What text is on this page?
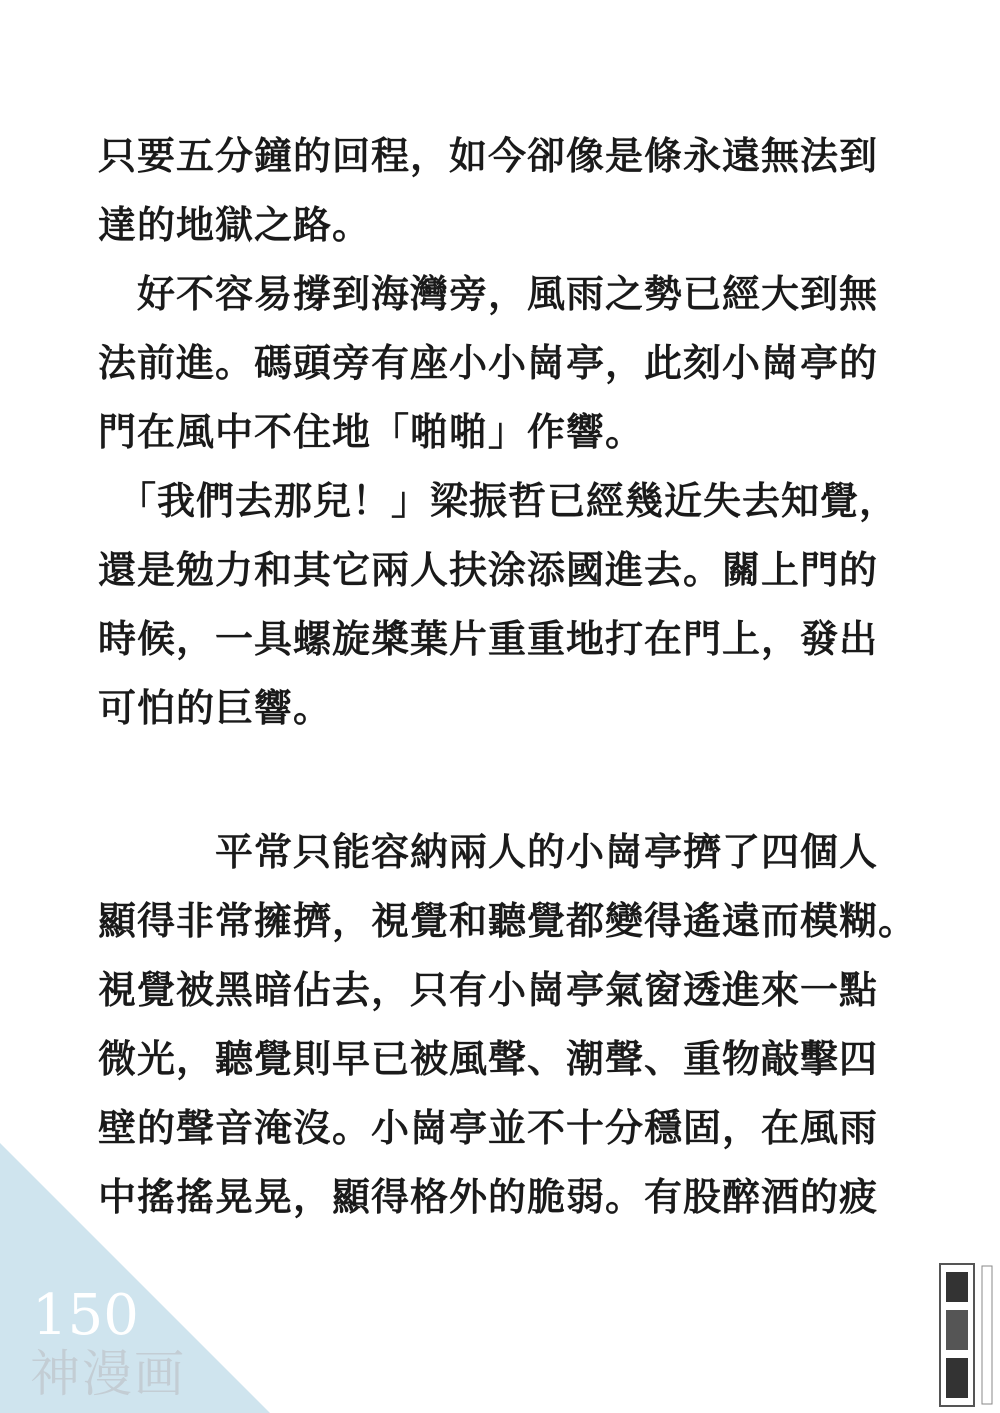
只要五分鐘的回程，如今卻像是條永遠無法到
達的地獄之路。
　好不容易撐到海灣旁，風雨之勢已經大到無
法前進。碼頭旁有座小小崗亭，此刻小崗亭的
門在風中不住地「啪啪」作響。
　「我們去那兒！」梁振哲已經幾近失去知覺，
還是勉力和其它兩人扶涂添國進去。關上門的
時候，一具螺旋槳葉片重重地打在門上，發出
可怕的巨響。
　　　平常只能容納兩人的小崗亭擠了四個人
顯得非常擁擠，視覺和聽覺都變得遙遠而模糊。
視覺被黑暗佔去，只有小崗亭氣窗透進來一點
微光，聽覺則早已被風聲、潮聲、重物敲擊四
壁的聲音淹沒。小崗亭並不十分穩固，在風雨
中搖搖晃晃，顯得格外的脆弱。有股醉酒的疲
150
神漫画
